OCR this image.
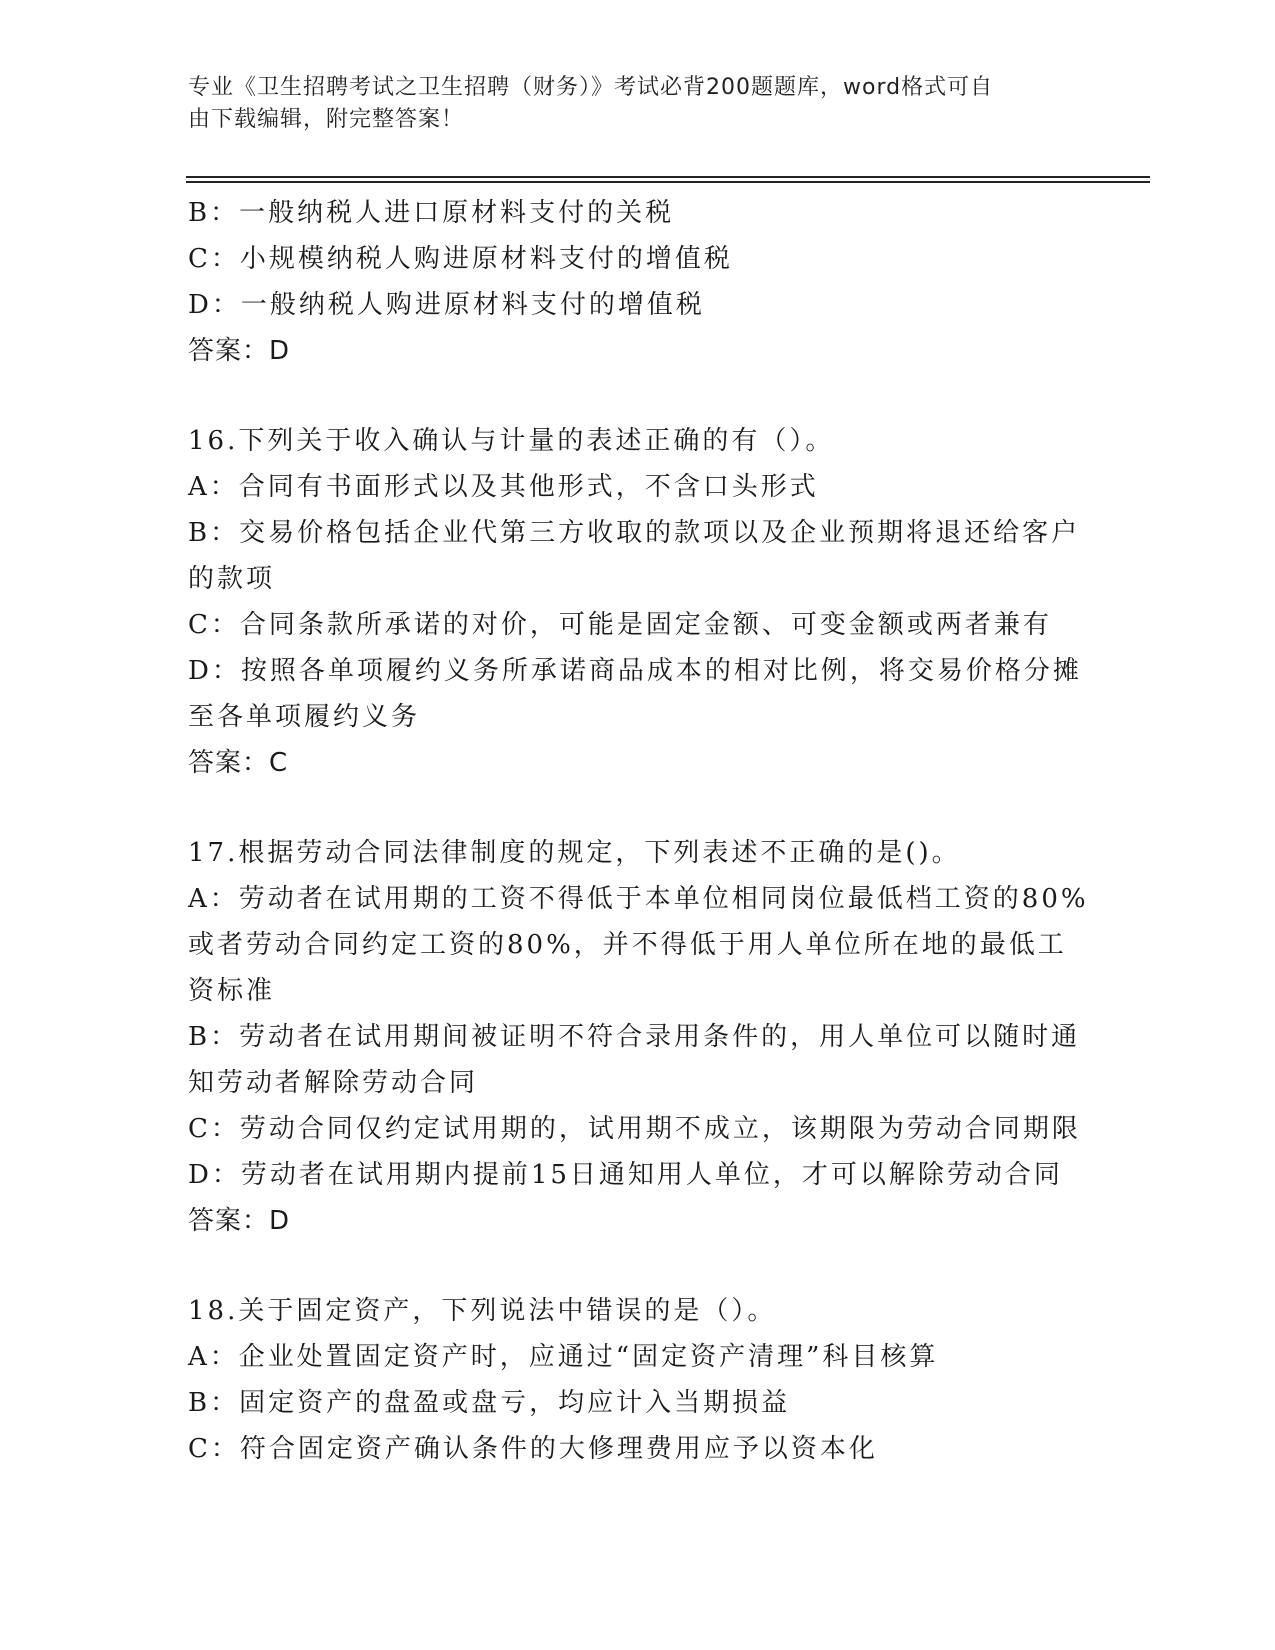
专业《卫生招聘考试之卫生招聘（财务）》考试必背200题题库，word格式可自
由下载编辑，附完整答案！
B：一般纳税人进口原材料支付的关税
C：小规模纳税人购进原材料支付的增值税
D：一般纳税人购进原材料支付的增值税
答案：D
16.下列关于收入确认与计量的表述正确的有（）。
A：合同有书面形式以及其他形式，不含口头形式
B：交易价格包括企业代第三方收取的款项以及企业预期将退还给客户
的款项
C：合同条款所承诺的对价，可能是固定金额、可变金额或两者兼有
D：按照各单项履约义务所承诺商品成本的相对比例，将交易价格分摊
至各单项履约义务
答案：C
17.根据劳动合同法律制度的规定，下列表述不正确的是()。
A：劳动者在试用期的工资不得低于本单位相同岗位最低档工资的80%
或者劳动合同约定工资的80%，并不得低于用人单位所在地的最低工
资标准
B：劳动者在试用期间被证明不符合录用条件的，用人单位可以随时通
知劳动者解除劳动合同
C：劳动合同仅约定试用期的，试用期不成立，该期限为劳动合同期限
D：劳动者在试用期内提前15日通知用人单位，才可以解除劳动合同
答案：D
18.关于固定资产，下列说法中错误的是（）。
A：企业处置固定资产时，应通过“固定资产清理”科目核算
B：固定资产的盘盈或盘亏，均应计入当期损益
C：符合固定资产确认条件的大修理费用应予以资本化
